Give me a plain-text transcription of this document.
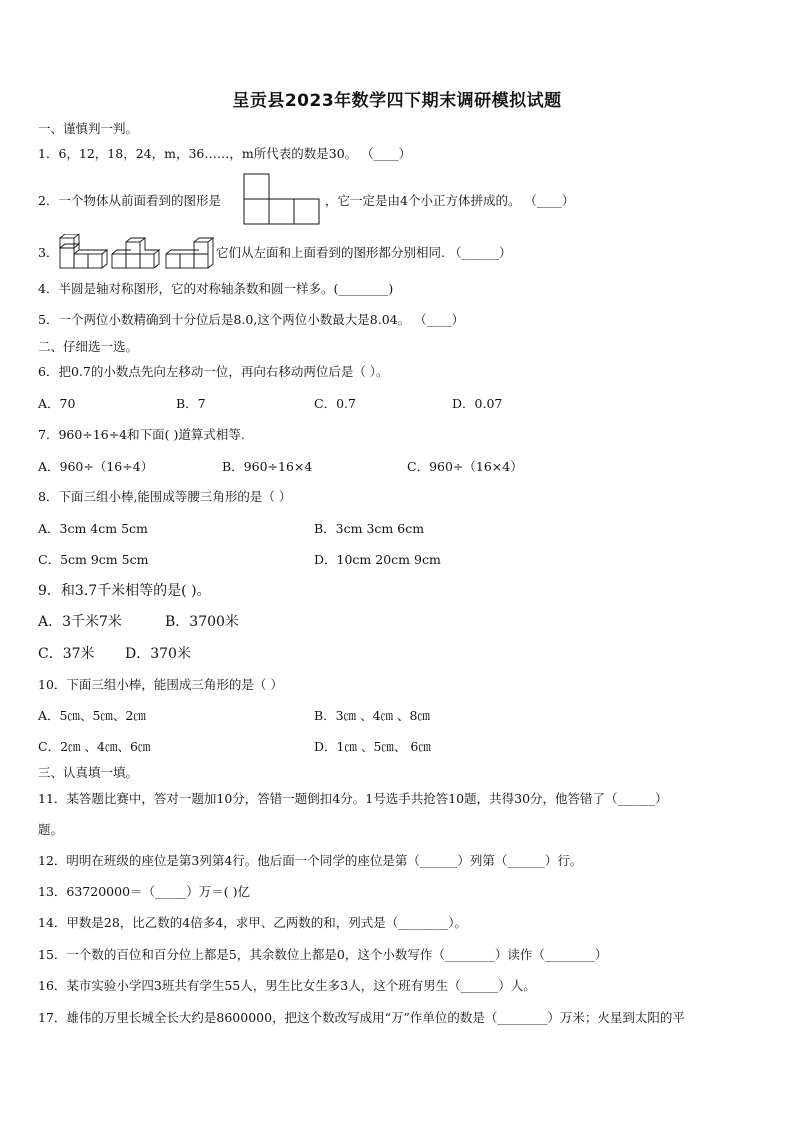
呈贡县2023年数学四下期末调研模拟试题
一、谨慎判一判。
1．6，12，18，24，m，36……，m所代表的数是30。 （____）
2．一个物体从前面看到的图形是	，它一定是由4个小正方体拼成的。 （____）
3．	它们从左面和上面看到的图形都分别相同. （______）
4．半圆是轴对称图形，它的对称轴条数和圆一样多。(________)
5．一个两位小数精确到十分位后是8.0,这个两位小数最大是8.04。 （____）
二、仔细选一选。
6．把0.7的小数点先向左移动一位，再向右移动两位后是（ ）。
A．70	B．7	C．0.7	D．0.07
7．960÷16÷4和下面( )道算式相等.
A．960÷（16÷4）	B．960÷16×4	C．960÷（16×4）
8．下面三组小棒,能围成等腰三角形的是（ ）
A．3cm 4cm 5cm	B．3cm 3cm 6cm
C．5cm 9cm 5cm	D．10cm 20cm 9cm
9．和3.7千米相等的是( )。
A．3千米7米	B．3700米
C．37米 D．370米
10．下面三组小棒，能围成三角形的是（ ）
A．5㎝、5㎝、2㎝	B．3㎝ 、4㎝ 、8㎝
C．2㎝ 、4㎝、6㎝	D．1㎝ 、5㎝、 6㎝
三、认真填一填。
11．某答题比赛中，答对一题加10分，答错一题倒扣4分。1号选手共抢答10题，共得30分，他答错了（______）
题。
12．明明在班级的座位是第3列第4行。他后面一个同学的座位是第（______）列第（______）行。
13．63720000＝（_____）万＝( )亿
14．甲数是28，比乙数的4倍多4，求甲、乙两数的和，列式是（________）。
15．一个数的百位和百分位上都是5，其余数位上都是0，这个小数写作（________）读作（________）
16．某市实验小学四3班共有学生55人，男生比女生多3人，这个班有男生（______）人。
17．雄伟的万里长城全长大约是8600000，把这个数改写成用“万”作单位的数是（________）万米；火星到太阳的平
